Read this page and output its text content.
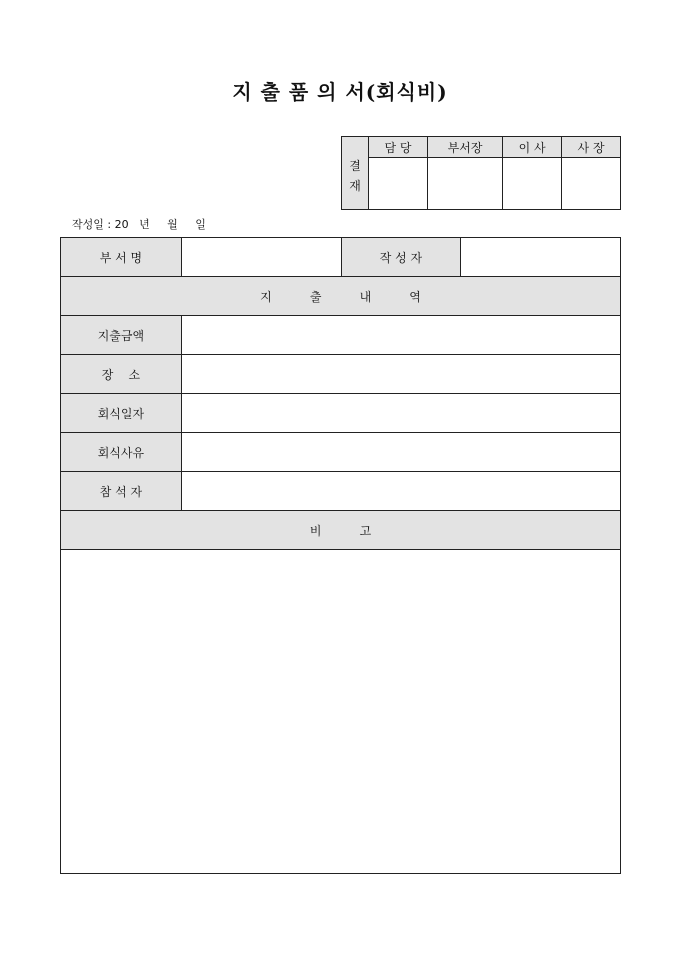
지 출 품 의 서(회식비)
결
재	담 당	부서장	이 사	사 장

작성일 : 20   년     월     일
부 서 명		작 성 자	
지          출          내          역			
지출금액			
장    소			
회식일자			
회식사유			
참 석 자			
비          고			
